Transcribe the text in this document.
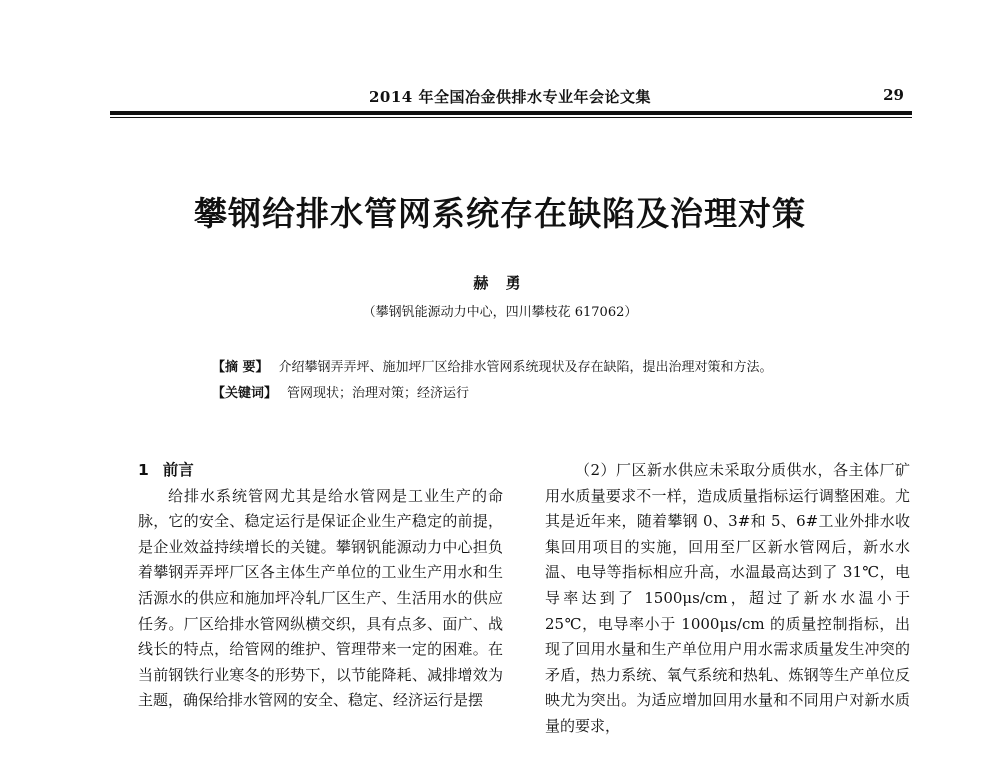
2014 年全国冶金供排水专业年会论文集	29
攀钢给排水管网系统存在缺陷及治理对策
赫 勇
（攀钢钒能源动力中心，四川攀枝花 617062）
【摘 要】 介绍攀钢弄弄坪、施加坪厂区给排水管网系统现状及存在缺陷，提出治理对策和方法。
【关键词】 管网现状；治理对策；经济运行
1 前言

给排水系统管网尤其是给水管网是工业生产的命脉，它的安全、稳定运行是保证企业生产稳定的前提，是企业效益持续增长的关键。攀钢钒能源动力中心担负着攀钢弄弄坪厂区各主体生产单位的工业生产用水和生活源水的供应和施加坪冷轧厂区生产、生活用水的供应任务。厂区给排水管网纵横交织，具有点多、面广、战线长的特点，给管网的维护、管理带来一定的困难。在当前钢铁行业寒冬的形势下，以节能降耗、减排增效为主题，确保给排水管网的安全、稳定、经济运行是摆

（2）厂区新水供应未采取分质供水，各主体厂矿用水质量要求不一样，造成质量指标运行调整困难。尤其是近年来，随着攀钢 0、3#和 5、6#工业外排水收集回用项目的实施，回用至厂区新水管网后，新水水温、电导等指标相应升高，水温最高达到了 31℃，电导率达到了 1500μs/cm，超过了新水水温小于 25℃，电导率小于 1000μs/cm 的质量控制指标，出现了回用水量和生产单位用户用水需求质量发生冲突的矛盾，热力系统、氧气系统和热轧、炼钢等生产单位反映尤为突出。为适应增加回用水量和不同用户对新水质量的要求，
